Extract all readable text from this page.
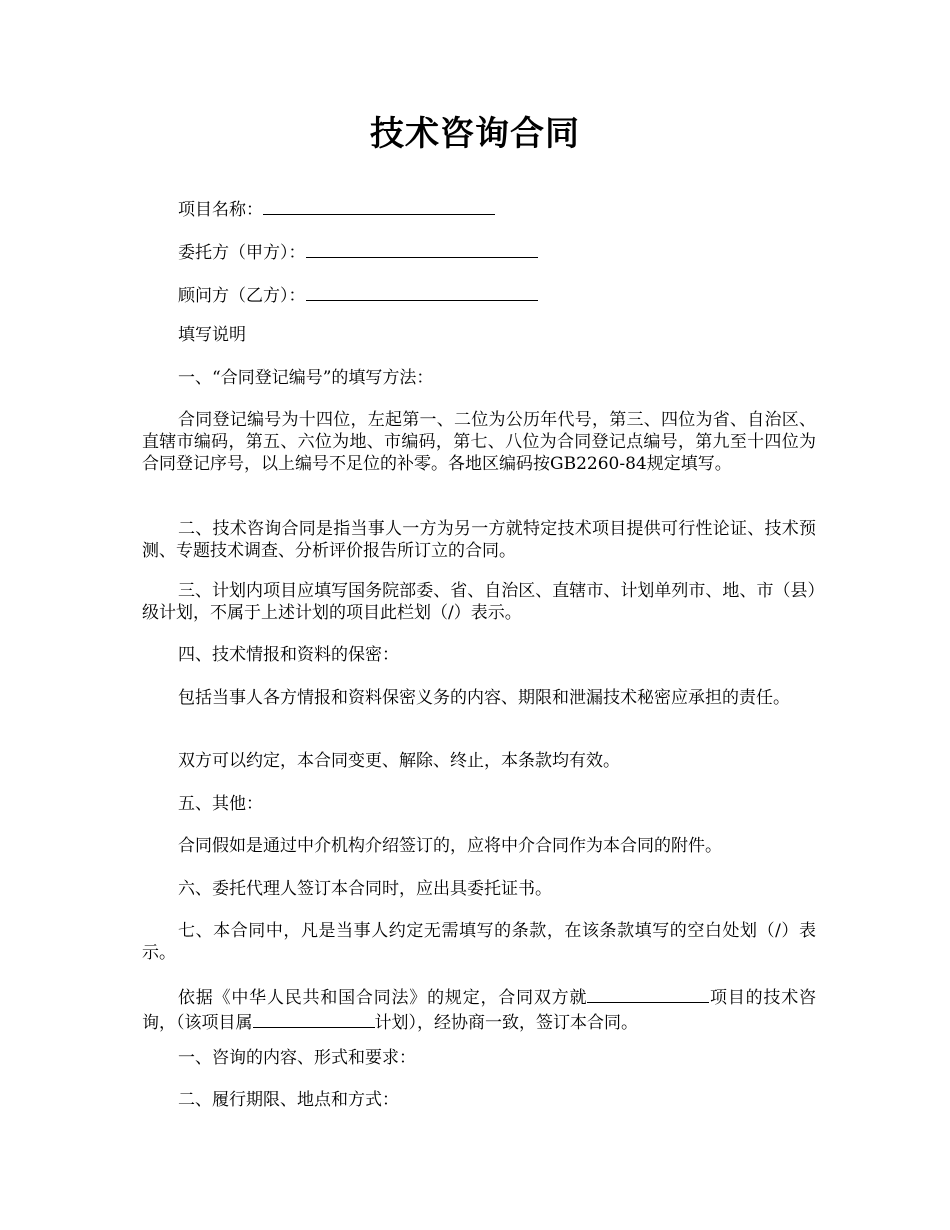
技术咨询合同

项目名称：

委托方（甲方）：

顾问方（乙方）：

填写说明

一、“合同登记编号”的填写方法：

合同登记编号为十四位，左起第一、二位为公历年代号，第三、四位为省、自治区、直辖市编码，第五、六位为地、市编码，第七、八位为合同登记点编号，第九至十四位为合同登记序号，以上编号不足位的补零。各地区编码按GB2260-84规定填写。

二、技术咨询合同是指当事人一方为另一方就特定技术项目提供可行性论证、技术预测、专题技术调查、分析评价报告所订立的合同。

三、计划内项目应填写国务院部委、省、自治区、直辖市、计划单列市、地、市（县）级计划，不属于上述计划的项目此栏划（/）表示。

四、技术情报和资料的保密：

包括当事人各方情报和资料保密义务的内容、期限和泄漏技术秘密应承担的责任。

双方可以约定，本合同变更、解除、终止，本条款均有效。

五、其他：

合同假如是通过中介机构介绍签订的，应将中介合同作为本合同的附件。

六、委托代理人签订本合同时，应出具委托证书。

七、本合同中，凡是当事人约定无需填写的条款，在该条款填写的空白处划（/）表示。

依据《中华人民共和国合同法》的规定，合同双方就	项目的技术咨询，（该项目属	计划），经协商一致，签订本合同。

一、咨询的内容、形式和要求：

二、履行期限、地点和方式：
